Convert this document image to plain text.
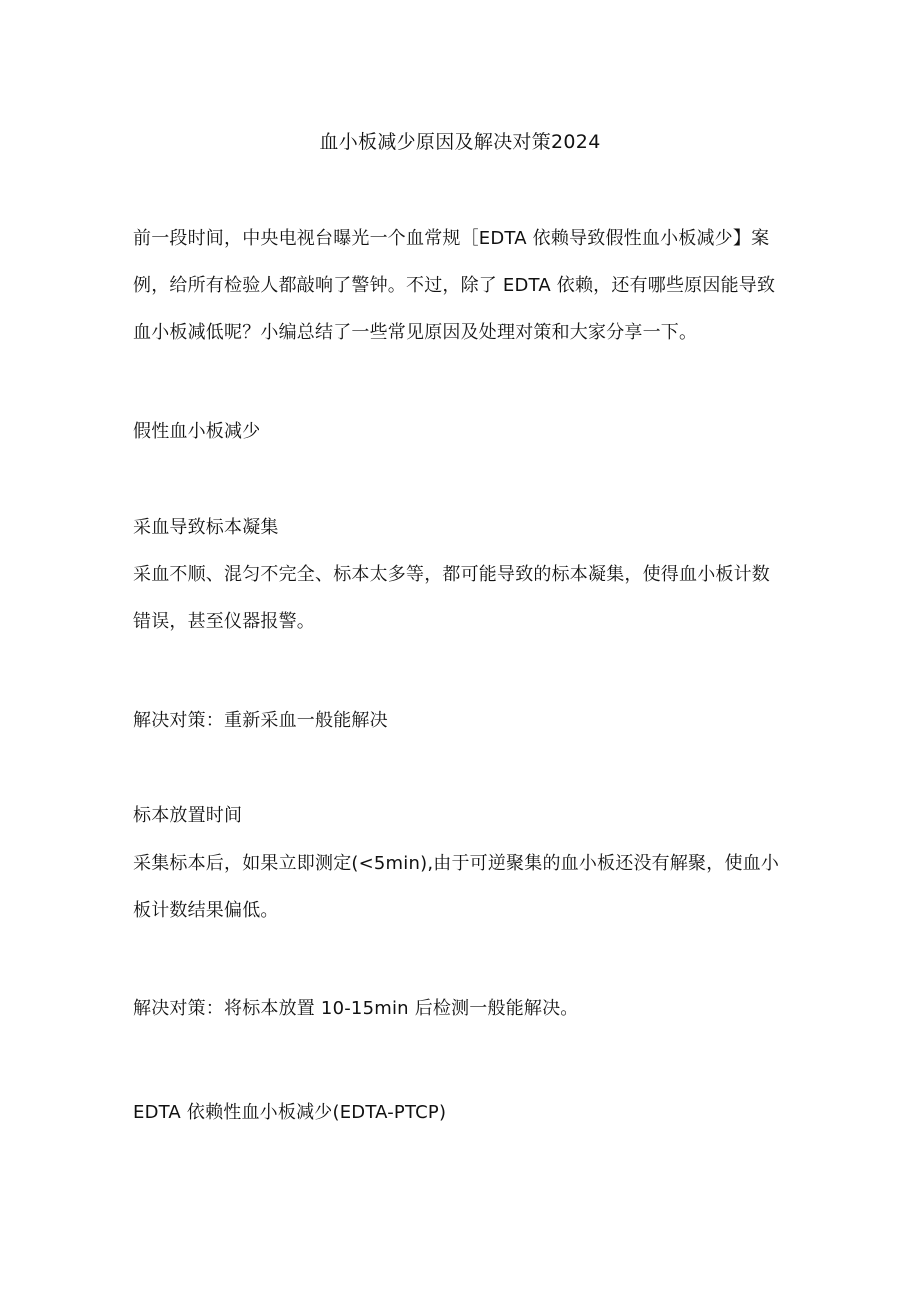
血小板减少原因及解决对策2024
前一段时间，中央电视台曝光一个血常规［EDTA 依赖导致假性血小板减少】案
例，给所有检验人都敲响了警钟。不过，除了 EDTA 依赖，还有哪些原因能导致
血小板减低呢？小编总结了一些常见原因及处理对策和大家分享一下。
假性血小板减少
采血导致标本凝集
采血不顺、混匀不完全、标本太多等，都可能导致的标本凝集，使得血小板计数
错误，甚至仪器报警。
解决对策：重新采血一般能解决
标本放置时间
采集标本后，如果立即测定(<5min),由于可逆聚集的血小板还没有解聚，使血小
板计数结果偏低。
解决对策：将标本放置 10-15min 后检测一般能解决。
EDTA 依赖性血小板减少(EDTA-PTCP)
